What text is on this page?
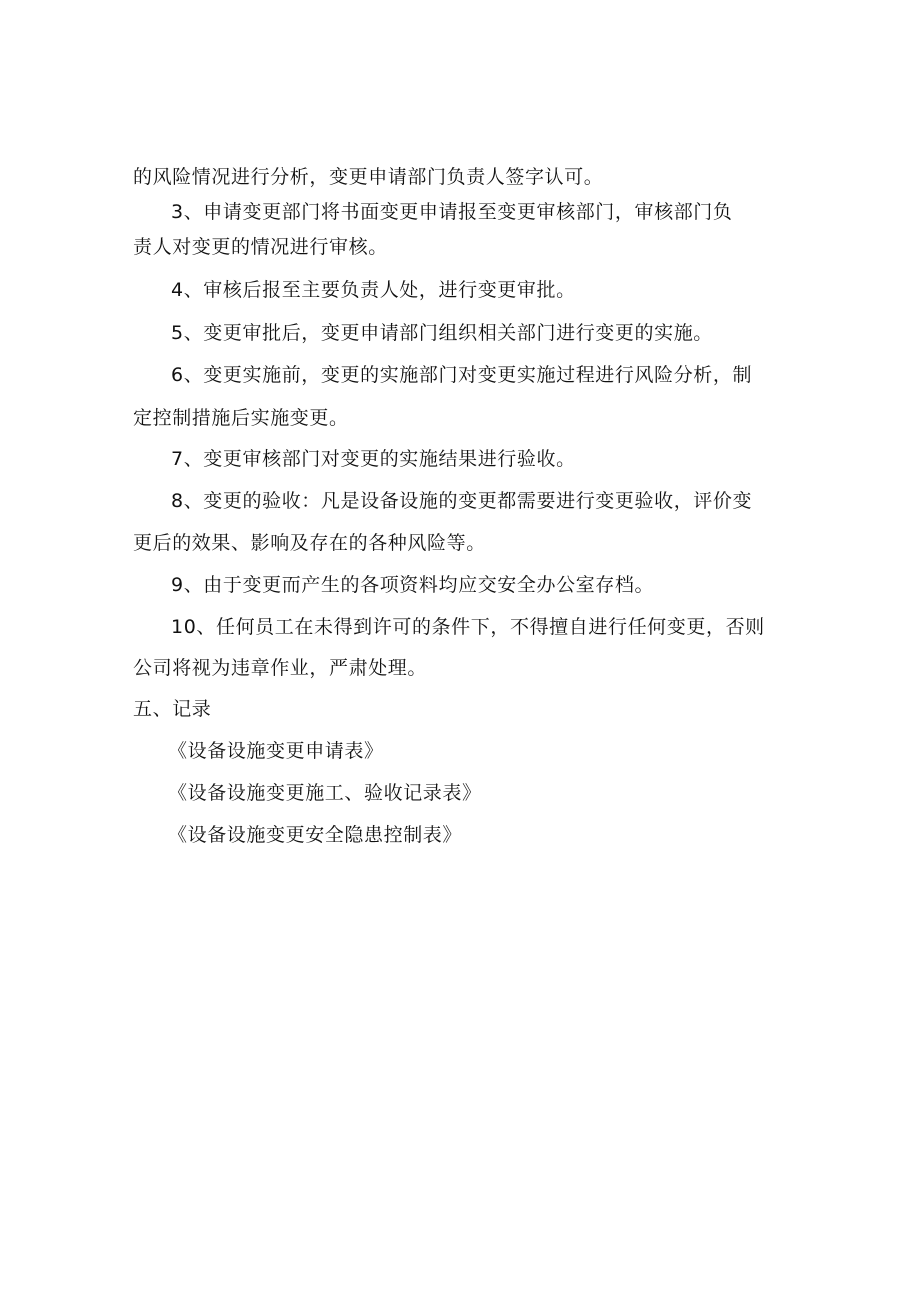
的风险情况进行分析，变更申请部门负责人签字认可。
3、申请变更部门将书面变更申请报至变更审核部门，审核部门负
责人对变更的情况进行审核。
4、审核后报至主要负责人处，进行变更审批。
5、变更审批后，变更申请部门组织相关部门进行变更的实施。
6、变更实施前，变更的实施部门对变更实施过程进行风险分析，制
定控制措施后实施变更。
7、变更审核部门对变更的实施结果进行验收。
8、变更的验收：凡是设备设施的变更都需要进行变更验收，评价变
更后的效果、影响及存在的各种风险等。
9、由于变更而产生的各项资料均应交安全办公室存档。
10、任何员工在未得到许可的条件下，不得擅自进行任何变更，否则
公司将视为违章作业，严肃处理。
五、记录
《设备设施变更申请表》
《设备设施变更施工、验收记录表》
《设备设施变更安全隐患控制表》
